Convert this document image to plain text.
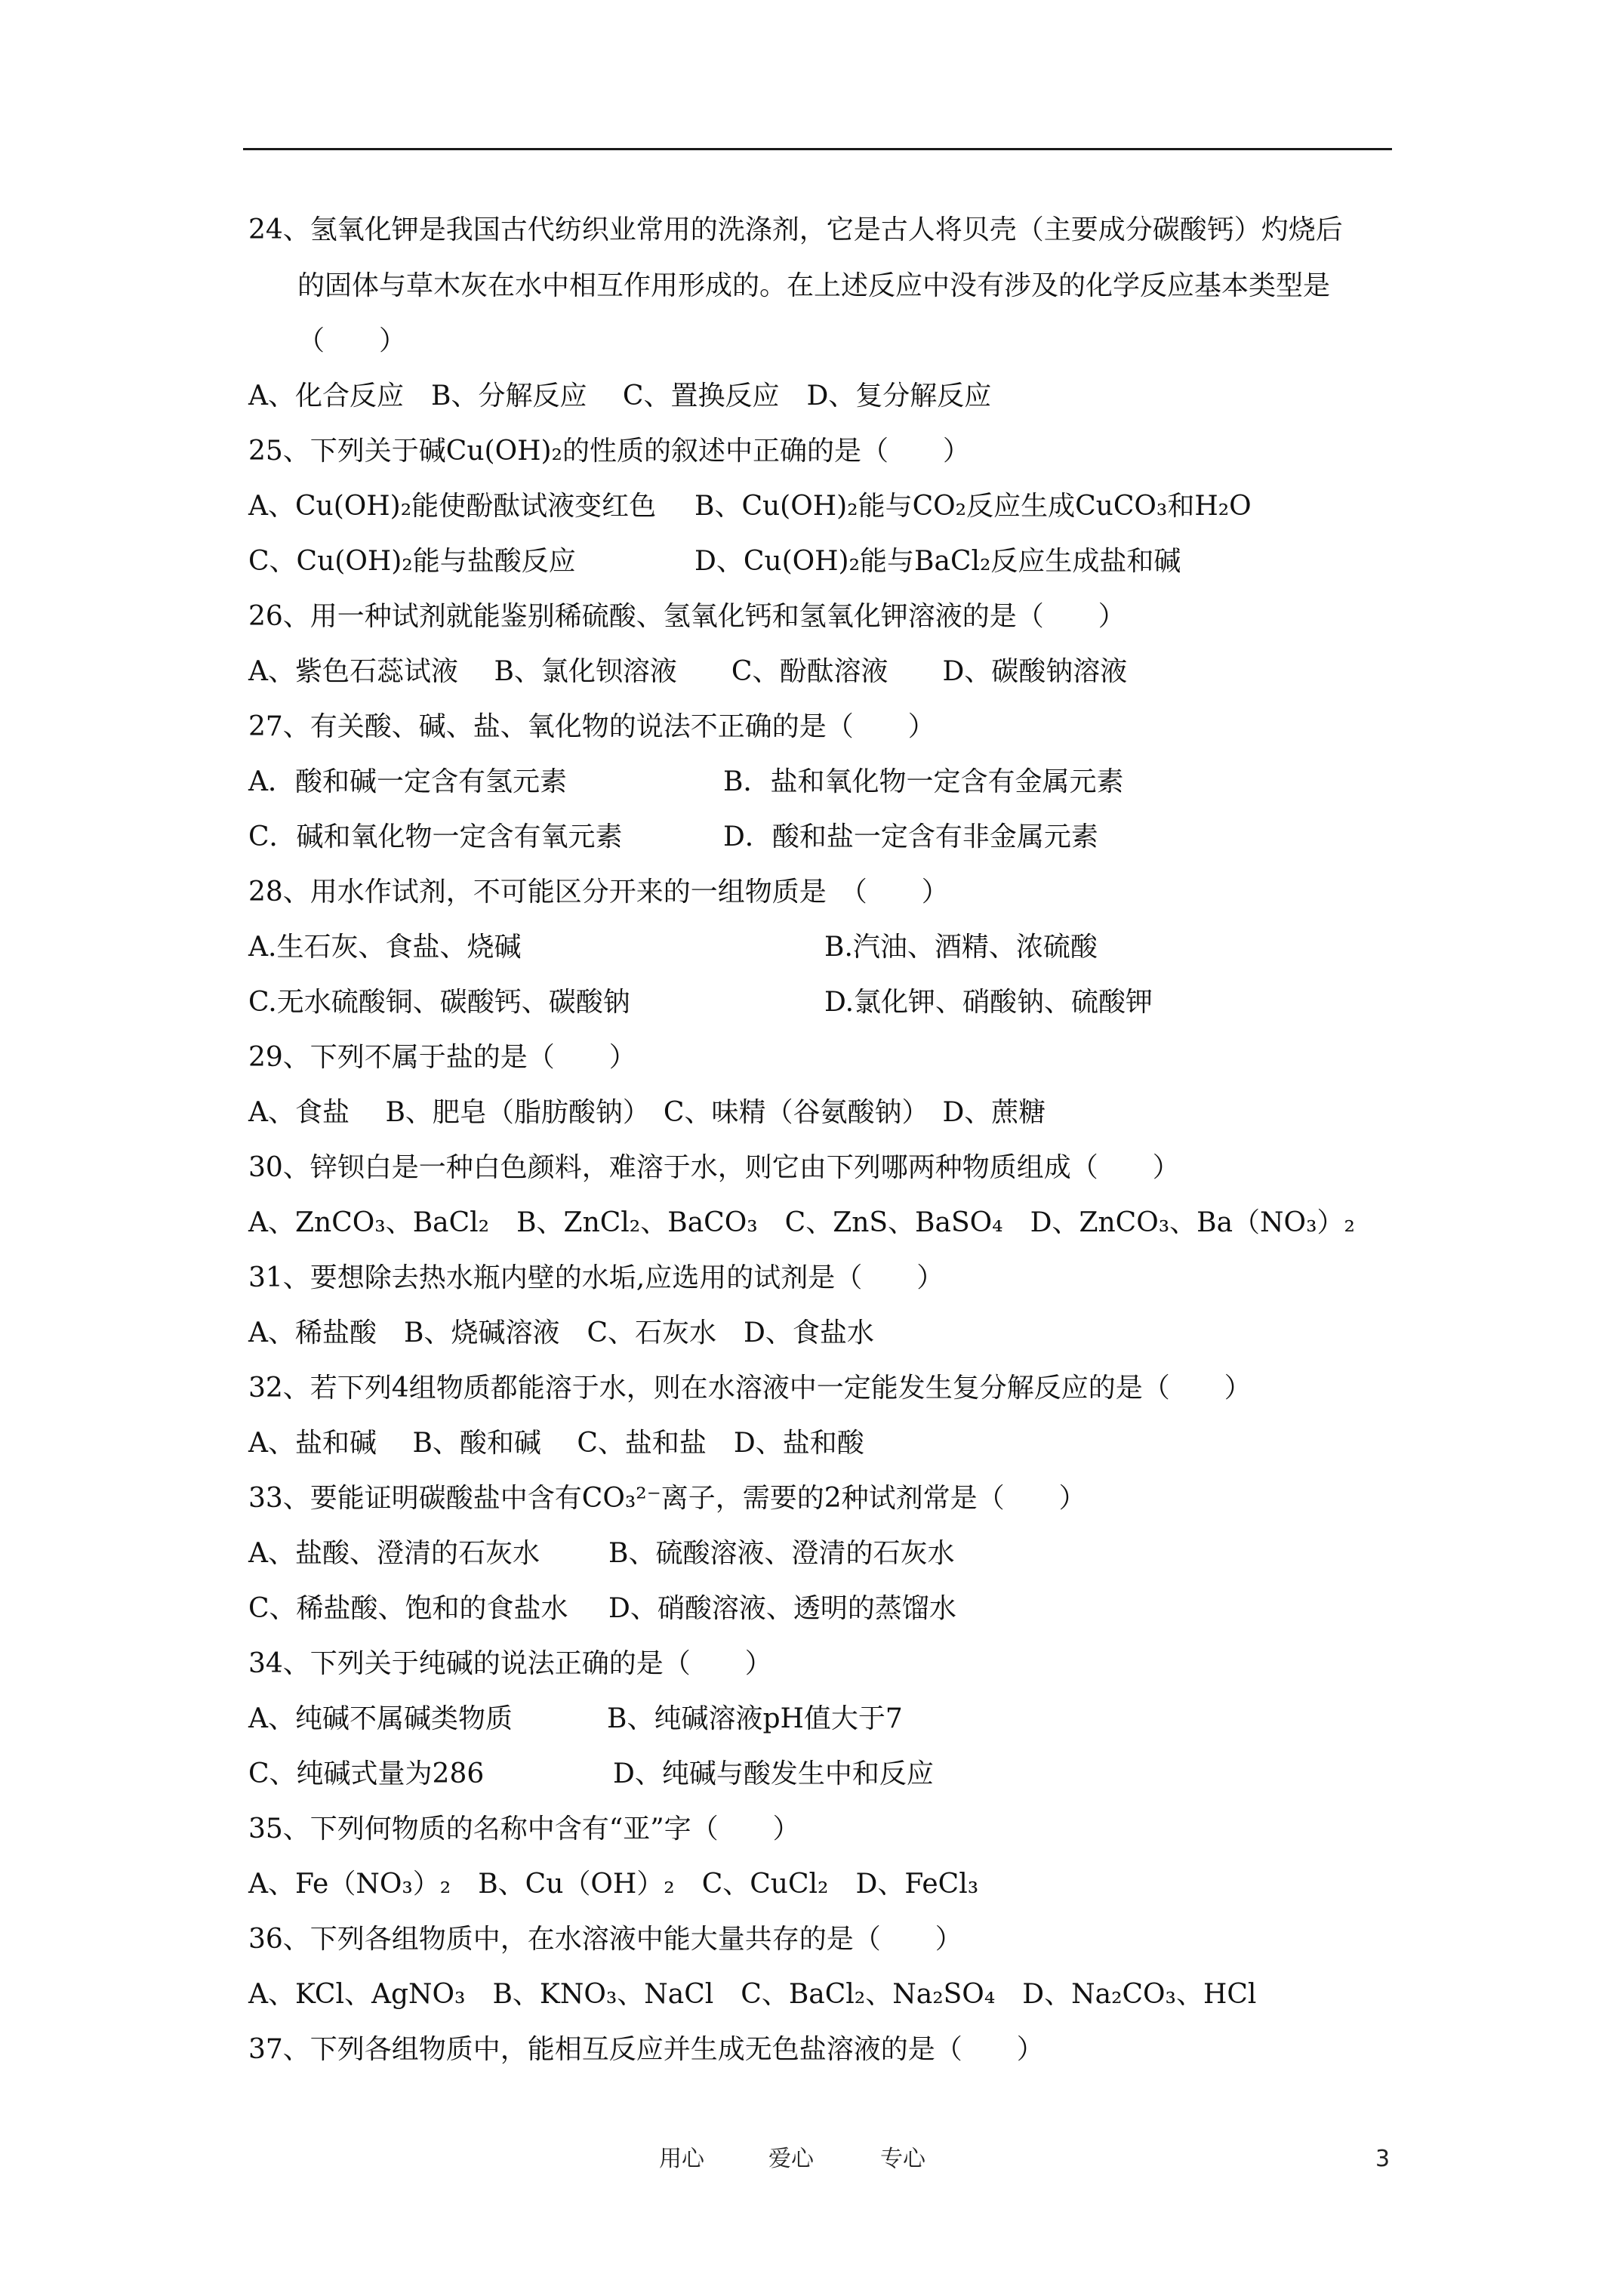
24、氢氧化钾是我国古代纺织业常用的洗涤剂，它是古人将贝壳（主要成分碳酸钙）灼烧后
的固体与草木灰在水中相互作用形成的。在上述反应中没有涉及的化学反应基本类型是
（　　）
A、化合反应　B、分解反应　 C、置换反应　D、复分解反应
25、下列关于碱Cu(OH)₂的性质的叙述中正确的是（　　）
A、Cu(OH)₂能使酚酞试液变红色 B、Cu(OH)₂能与CO₂反应生成CuCO₃和H₂O
C、Cu(OH)₂能与盐酸反应	D、Cu(OH)₂能与BaCl₂反应生成盐和碱
26、用一种试剂就能鉴别稀硫酸、氢氧化钙和氢氧化钾溶液的是（　　）
A、紫色石蕊试液　 B、氯化钡溶液　　C、酚酞溶液　　D、碳酸钠溶液
27、有关酸、碱、盐、氧化物的说法不正确的是（　　）
A．酸和碱一定含有氢元素	B．盐和氧化物一定含有金属元素
C．碱和氧化物一定含有氧元素	D．酸和盐一定含有非金属元素
28、用水作试剂，不可能区分开来的一组物质是　（　　）
A.生石灰、食盐、烧碱	B.汽油、酒精、浓硫酸
C.无水硫酸铜、碳酸钙、碳酸钠	D.氯化钾、硝酸钠、硫酸钾
29、下列不属于盐的是（　　）
A、食盐　 B、肥皂（脂肪酸钠）　C、味精（谷氨酸钠）　D、蔗糖
30、锌钡白是一种白色颜料，难溶于水，则它由下列哪两种物质组成（　　）
A、ZnCO₃、BaCl₂　B、ZnCl₂、BaCO₃　C、ZnS、BaSO₄　D、ZnCO₃、Ba（NO₃）₂
31、要想除去热水瓶内壁的水垢,应选用的试剂是（　　）
A、稀盐酸　B、烧碱溶液　C、石灰水　D、食盐水
32、若下列4组物质都能溶于水，则在水溶液中一定能发生复分解反应的是（　　）
A、盐和碱　 B、酸和碱　 C、盐和盐　D、盐和酸
33、要能证明碳酸盐中含有CO₃²⁻离子，需要的2种试剂常是（　　）
A、盐酸、澄清的石灰水	B、硫酸溶液、澄清的石灰水
C、稀盐酸、饱和的食盐水 D、硝酸溶液、透明的蒸馏水
34、下列关于纯碱的说法正确的是（　　）
A、纯碱不属碱类物质	B、纯碱溶液pH值大于7
C、纯碱式量为286	D、纯碱与酸发生中和反应
35、下列何物质的名称中含有“亚”字（　　）
A、Fe（NO₃）₂　B、Cu（OH）₂　C、CuCl₂　D、FeCl₃
36、下列各组物质中，在水溶液中能大量共存的是（　　）
A、KCl、AgNO₃　B、KNO₃、NaCl　C、BaCl₂、Na₂SO₄　D、Na₂CO₃、HCl
37、下列各组物质中，能相互反应并生成无色盐溶液的是（　　）
用心	爱心	专心	3
